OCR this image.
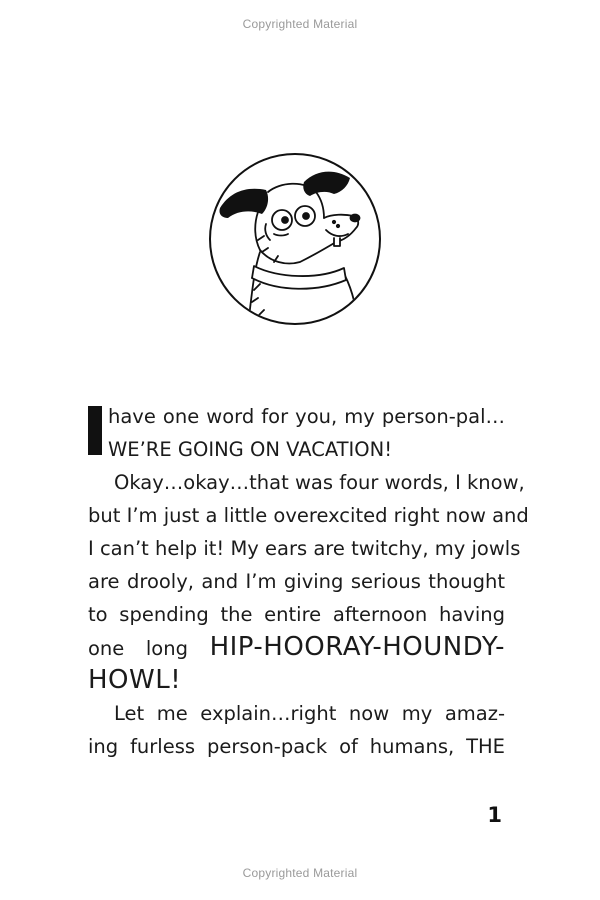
Copyrighted Material
have one word for you, my person-pal…
WE’RE GOING ON VACATION!
Okay…okay…that was four words, I know,
but I’m just a little overexcited right now and
I can’t help it! My ears are twitchy, my jowls
are drooly, and I’m giving serious thought
to spending the entire afternoon having
one long HIP-HOORAY-HOUNDY-
HOWL!
Let me explain…right now my amaz-
ing furless person-pack of humans, THE
1
Copyrighted Material
